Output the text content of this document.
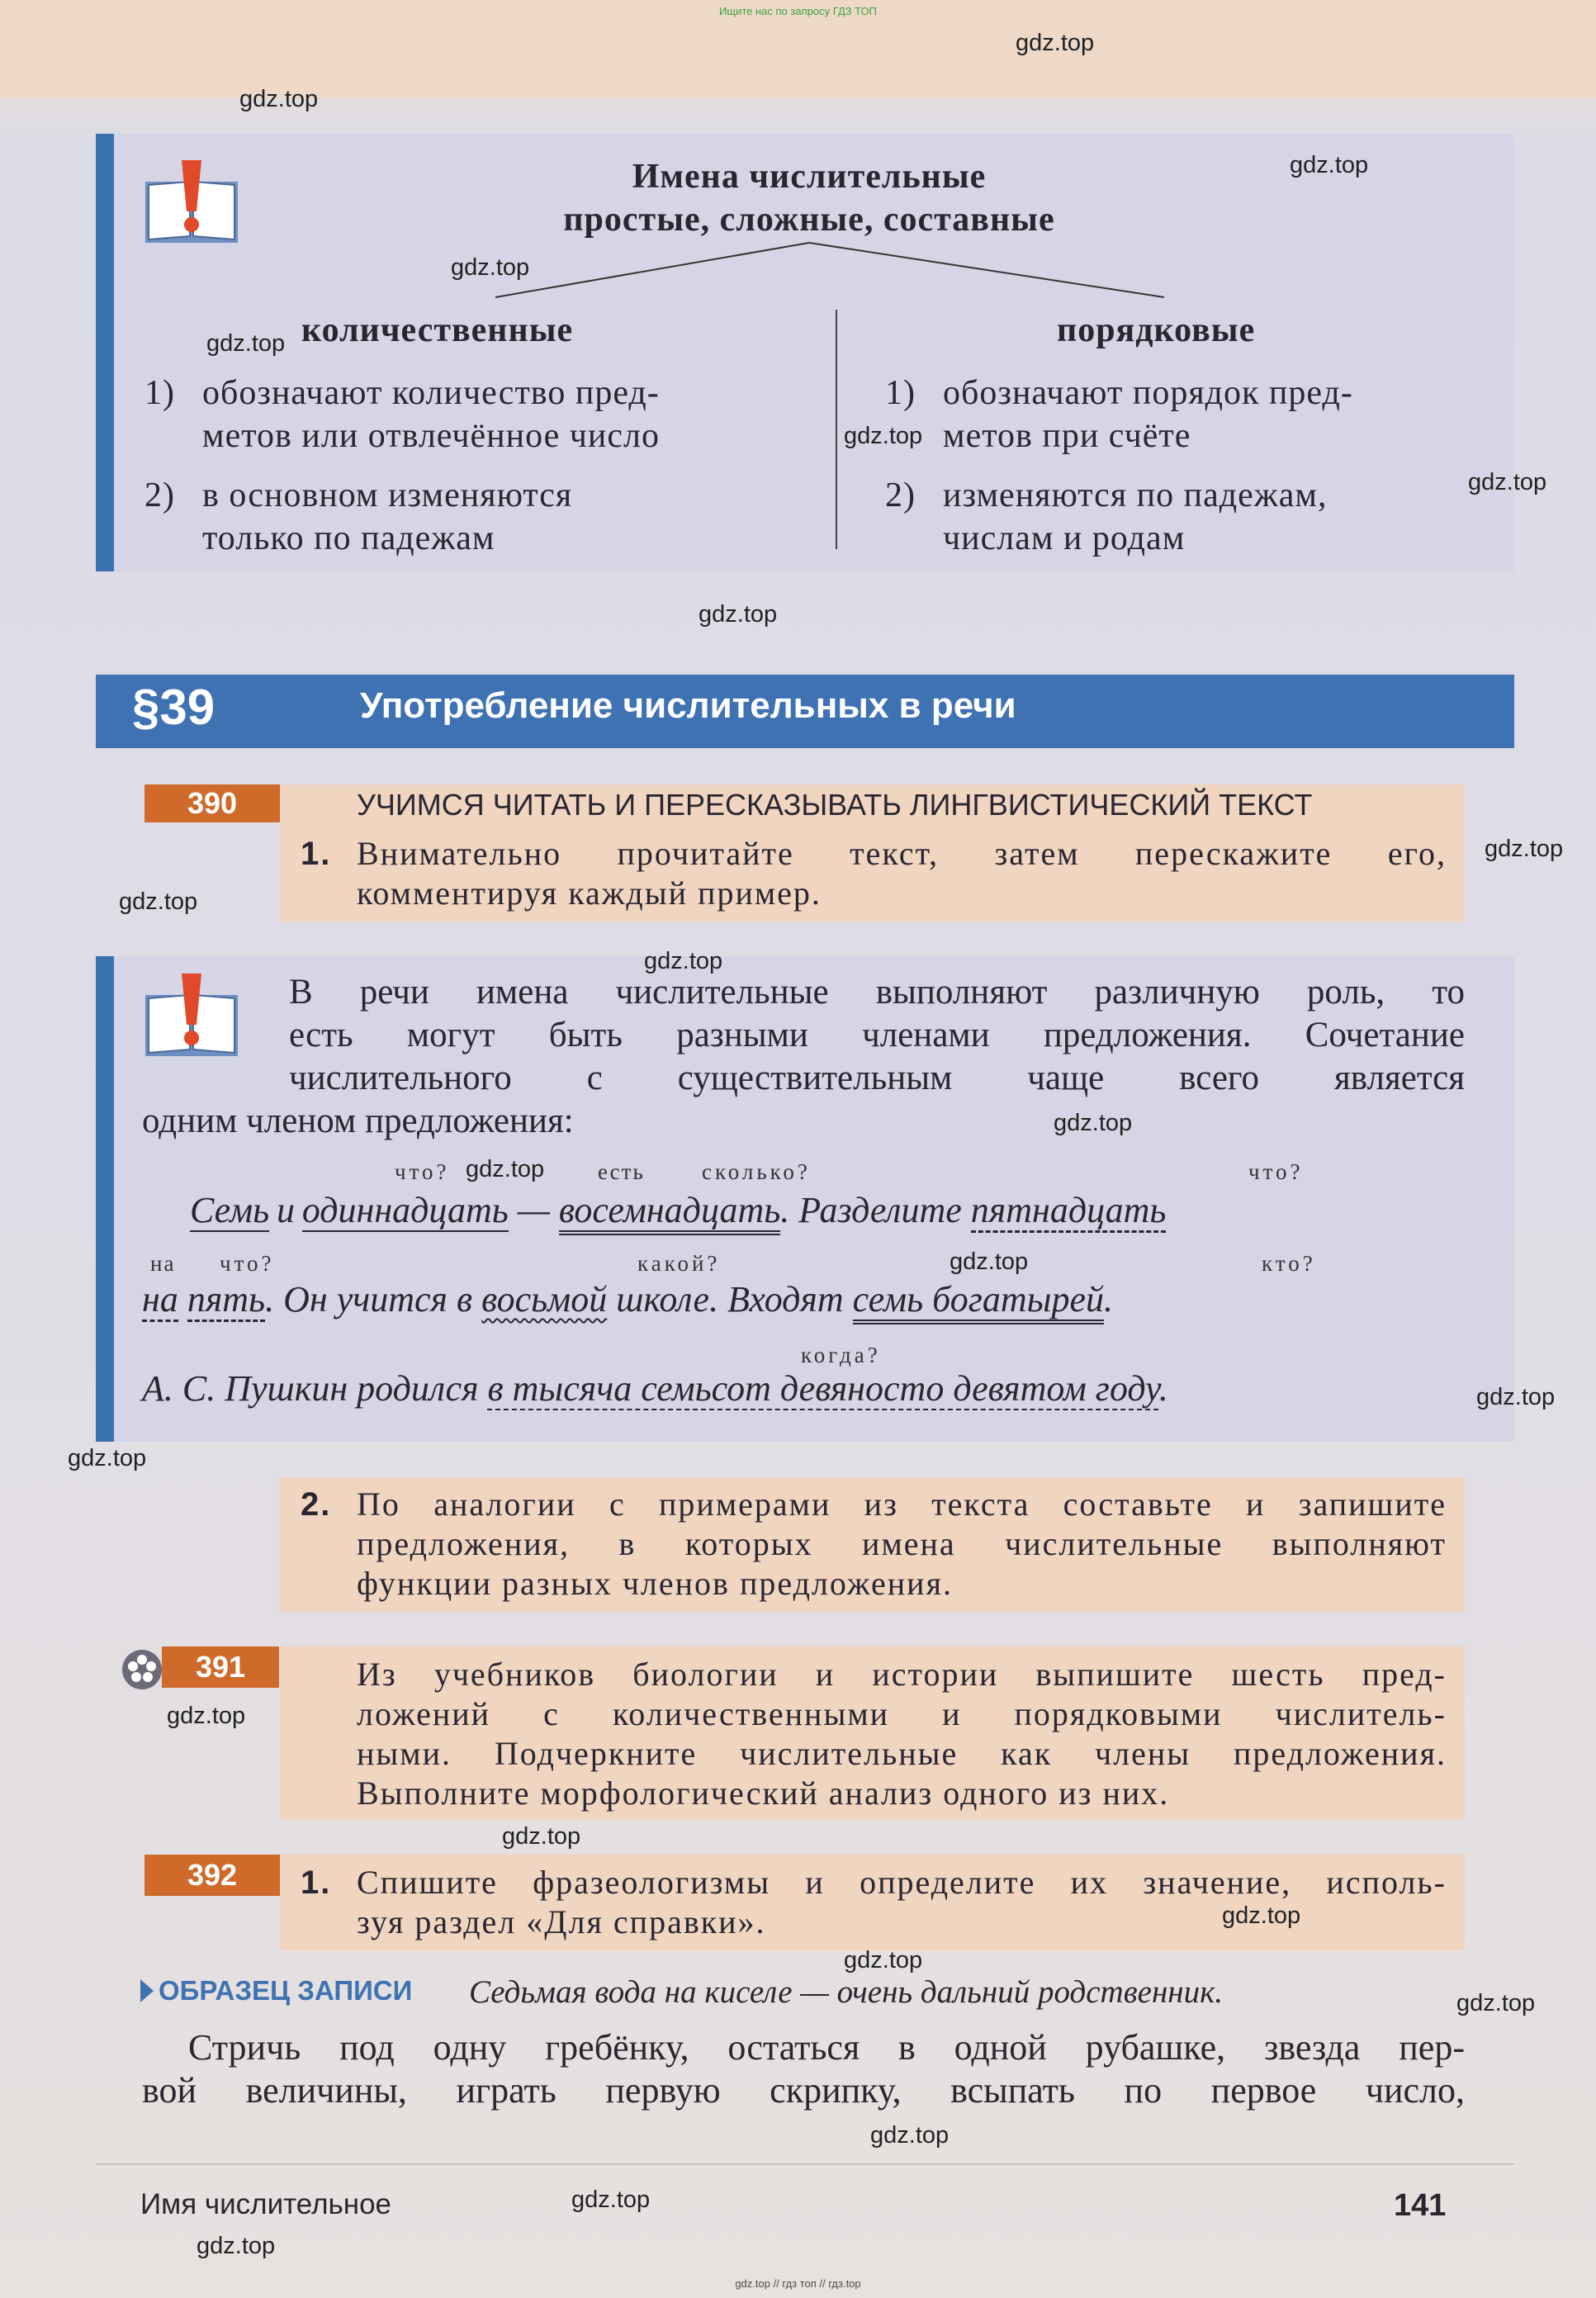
Ищите нас по запросу ГДЗ ТОП
Имена числительные
простые, сложные, составные
количественные	порядковые
1) обозначают количество пред-
метов или отвлечённое число
2) в основном изменяются
только по падежам
1) обозначают порядок пред-
метов при счёте
2) изменяются по падежам,
числам и родам
§39	Употребление числительных в речи
390	УЧИМСЯ ЧИТАТЬ И ПЕРЕСКАЗЫВАТЬ ЛИНГВИСТИЧЕСКИЙ ТЕКСТ
1. Внимательно прочитайте текст, затем перескажите его,
комментируя каждый пример.
В речи имена числительные выполняют различную роль, то
есть могут быть разными членами предложения. Сочетание
числительного с существительным чаще всего является
одним членом предложения:
что?	есть	сколько?	что?
Семь  и  одиннадцать — восемнадцать. Разделите пятнадцать
на что?	какой?	кто?
на пять. Он учится в восьмой школе. Входят семь богатырей.
когда?
А. С. Пушкин родился в тысяча семьсот девяносто девятом году.
2. По аналогии с примерами из текста составьте и запишите
предложения, в которых имена числительные выполняют
функции разных членов предложения.
391	Из учебников биологии и истории выпишите шесть пред-
ложений с количественными и порядковыми числитель-
ными. Подчеркните числительные как члены предложения.
Выполните морфологический анализ одного из них.
392	1. Спишите фразеологизмы и определите их значение, исполь-
зуя раздел «Для справки».
ОБРАЗЕЦ ЗАПИСИ Седьмая вода на киселе — очень дальний родственник.
Стричь под одну гребёнку, остаться в одной рубашке, звезда пер-
вой величины, играть первую скрипку, всыпать по первое число,
Имя числительное	141
gdz.top // гдз топ // гдз.top
gdz.top
gdz.top
gdz.top
gdz.top
gdz.top
gdz.top
gdz.top
gdz.top
gdz.top
gdz.top
gdz.top
gdz.top
gdz.top
gdz.top
gdz.top
gdz.top
gdz.top
gdz.top
gdz.top
gdz.top
gdz.top
gdz.top
gdz.top
gdz.top
